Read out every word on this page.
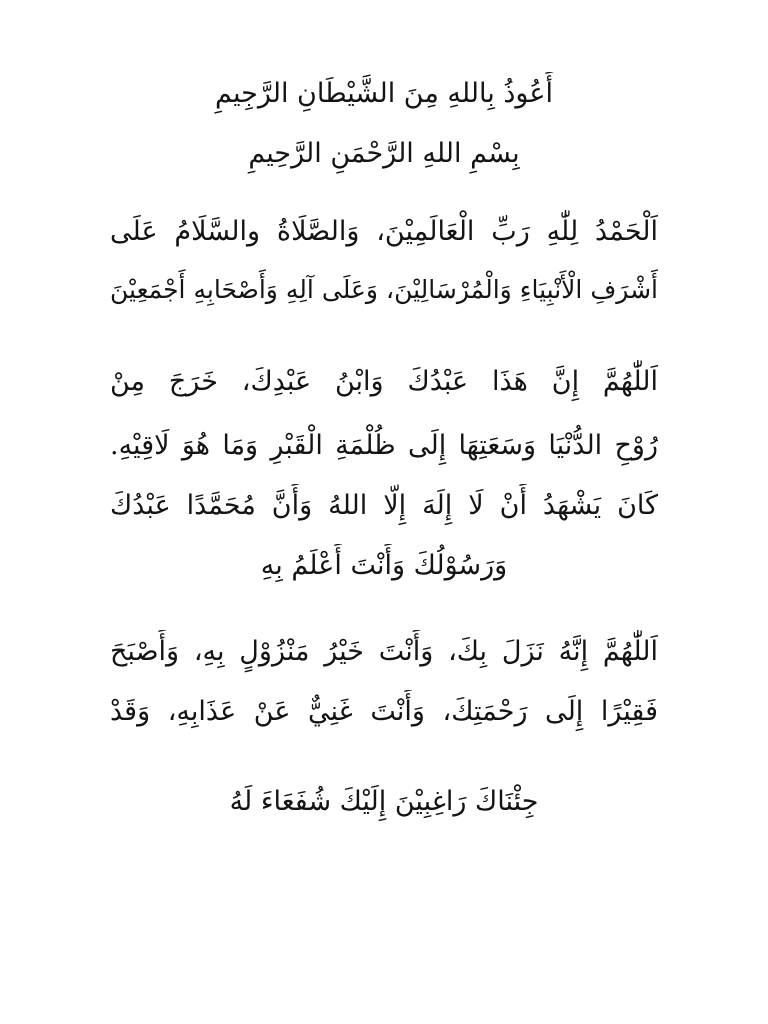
أَعُوذُ بِاللهِ مِنَ الشَّيْطَانِ الرَّجِيمِ
بِسْمِ اللهِ الرَّحْمَنِ الرَّحِيمِ
اَلْحَمْدُ لِلّٰهِ رَبِّ الْعَالَمِيْنَ، وَالصَّلَاةُ والسَّلَامُ عَلَى
أَشْرَفِ الْأَنْبِيَاءِ وَالْمُرْسَالِيْنَ، وَعَلَى آلِهِ وَأَصْحَابِهِ أَجْمَعِيْنَ
اَللّٰهُمَّ إِنَّ هَذَا عَبْدُكَ وَابْنُ عَبْدِكَ، خَرَجَ مِنْ
رُوْحِ الدُّنْيَا وَسَعَتِهَا إِلَى ظُلْمَةِ الْقَبْرِ وَمَا هُوَ لَاقِيْهِ.
كَانَ يَشْهَدُ أَنْ لَا إِلَهَ إِلَّا اللهُ وَأَنَّ مُحَمَّدًا عَبْدُكَ
وَرَسُوْلُكَ وَأَنْتَ أَعْلَمُ بِهِ
اَللّٰهُمَّ إِنَّهُ نَزَلَ بِكَ، وَأَنْتَ خَيْرُ مَنْزُوْلٍ بِهِ، وَأَصْبَحَ
فَقِيْرًا إِلَى رَحْمَتِكَ، وَأَنْتَ غَنِيٌّ عَنْ عَذَابِهِ، وَقَدْ
جِئْنَاكَ رَاغِبِيْنَ إِلَيْكَ شُفَعَاءَ لَهُ
